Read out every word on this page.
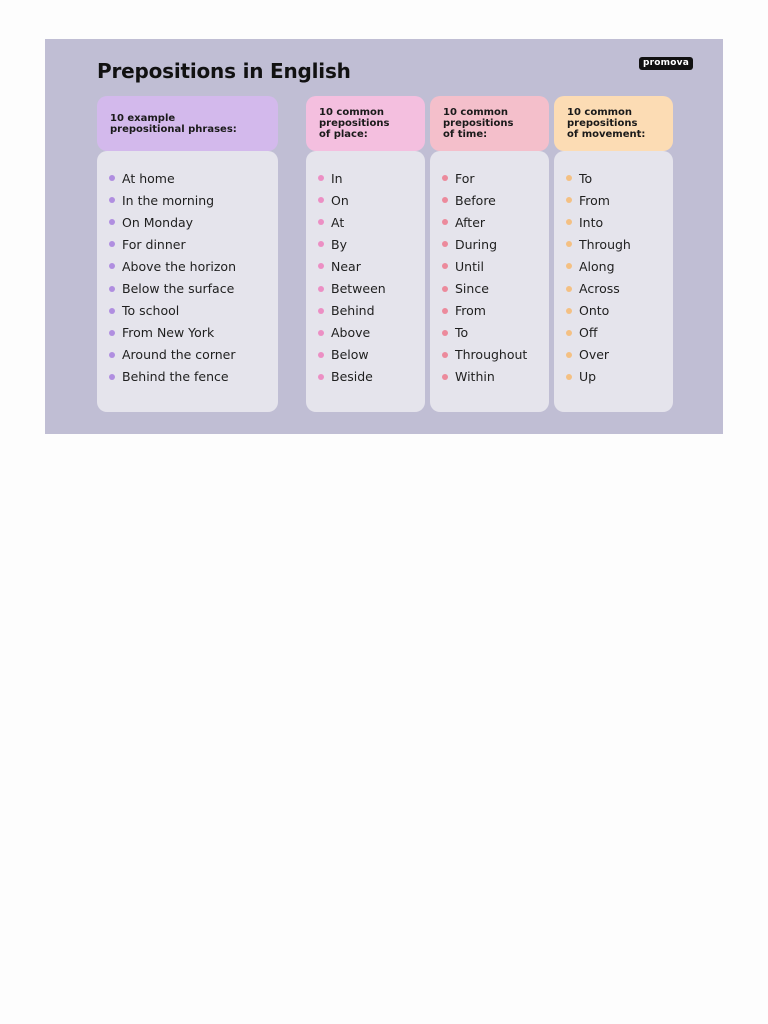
Prepositions in English	promova
10 example
prepositional phrases:
At home
In the morning
On Monday
For dinner
Above the horizon
Below the surface
To school
From New York
Around the corner
Behind the fence
10 common
prepositions
of place:
In
On
At
By
Near
Between
Behind
Above
Below
Beside
10 common
prepositions
of time:
For
Before
After
During
Until
Since
From
To
Throughout
Within
10 common
prepositions
of movement:
To
From
Into
Through
Along
Across
Onto
Off
Over
Up
